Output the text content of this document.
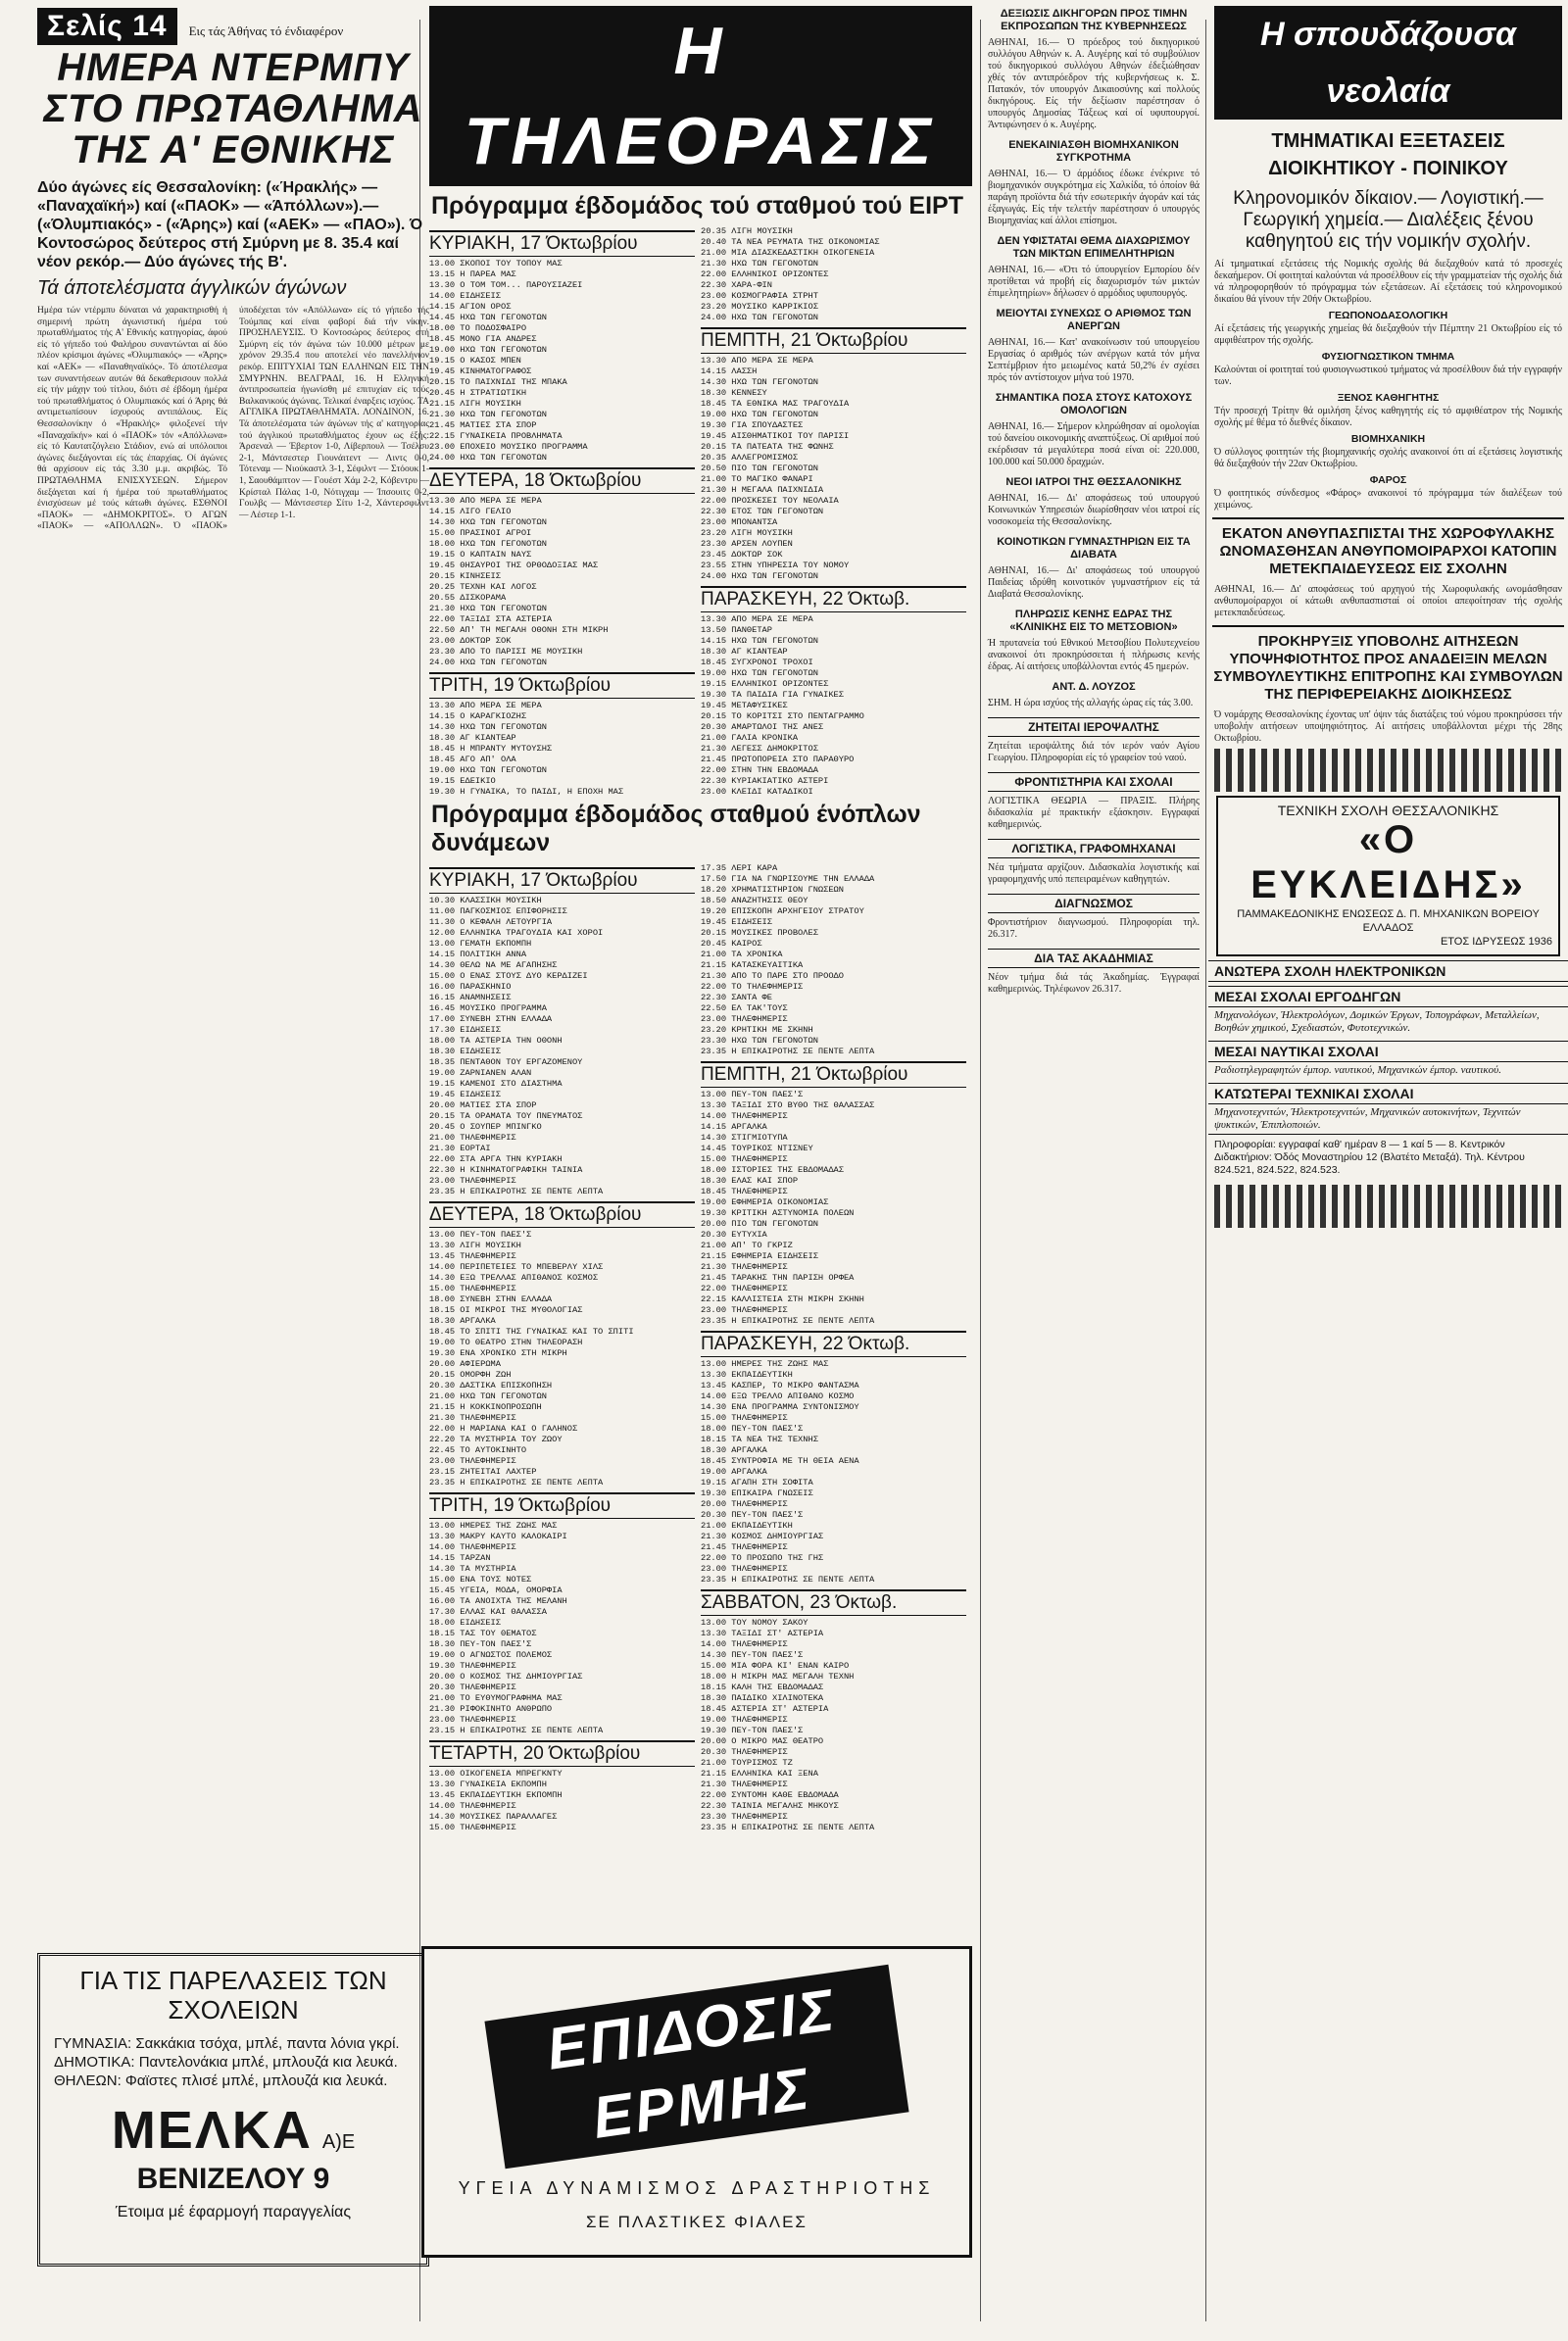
Σελίς 14 Εις τάς Άθήνας τό ένδιαφέρον
ΗΜΕΡΑ ΝΤΕΡΜΠΥ ΣΤΟ ΠΡΩΤΑΘΛΗΜΑ ΤΗΣ Α' ΕΘΝΙΚΗΣ
Δύο άγώνες είς Θεσσαλονίκη: («Ήρακλής» — «Παναχαϊκή») καί («ΠΑΟΚ» — «Άπόλλων»).— («Όλυμπιακός» - («Άρης») καί («ΑΕΚ» — «ΠΑΟ»). Ό Κοντοσώρος δεύτερος στή Σμύρνη με 8. 35.4 καί νέον ρεκόρ.— Δύο άγώνες τής Β'.
Τά άποτελέσματα άγγλικών άγώνων
Ημέρα τών ντέρμπυ δύναται νά χαρακτηρισθή ή σημερινή πρώτη άγωνιστική ήμέρα τού πρωταθλήματος τής Α' Εθνικής κατηγορίας, άφού είς τό γήπεδο τού Φαλήρου συναντώνται αί δύο πλέον κρίσιμοι άγώνες «Όλυμπιακός» — «Άρης» καί «ΑΕΚ» — «Παναθηναϊκός». Τό άποτέλεσμα των συναντήσεων αυτών θά δεκαθερισουν πολλά είς τήν μάχην τού τίτλου, διότι σέ έβδομη ήμέρα τού πρωταθλήματος ό Ολυμπιακός καί ό Άρης θά αντιμετωπίσουν ίσχυρούς αντιπάλους. Είς Θεσσαλονίκην ό «Ήρακλής» φιλοξενεί τήν «Παναχαϊκήν» καί ό «ΠΑΟΚ» τόν «Απόλλωνα» είς τό Καυτατζόγλειο Στάδιον, ενώ αί υπόλοιποι άγώνες διεξάγονται είς τάς έπαρχίας. Οί άγώνες θά αρχίσουν είς τάς 3.30 μ.μ. ακριβώς. Τό ΠΡΩΤΑΘΛΗΜΑ ΕΝΙΣΧΥΣΕΩΝ. Σήμερον διεξάγεται καί ή ήμέρα τού πρωταθλήματος ένισχύσεων μέ τούς κάτωθι άγώνες. ΕΣΘΝΟΙ «ΠΑΟΚ» — «ΔΗΜΟΚΡΙΤΟΣ». Ό ΑΓΩΝ «ΠΑΟΚ» — «ΑΠΟΛΛΩΝ». Ό «ΠΑΟΚ» ύποδέχεται τόν «Απόλλωνα» είς τό γήπεδο τής Τούμπας καί είναι φαβορί διά τήν νίκην. ΠΡΟΣΗΛΕΥΣΙΣ. Ό Κοντοσώρος δεύτερος στή Σμύρνη είς τόν άγώνα τών 10.000 μέτρων με χρόνον 29.35.4 που αποτελεί νέο πανελλήνιον ρεκόρ. ΕΠΙΤΥΧΙΑΙ ΤΩΝ ΕΛΛΗΝΩΝ ΕΙΣ ΤΗΝ ΣΜΥΡΝΗΝ. ΒΕΛΓΡΑΔΙ, 16. Η Ελληνική άντιπροσωπεία ήγωνίσθη μέ επιτυχίαν είς τούς Βαλκανικούς άγώνας. Τελικαί έναρξεις ισχύος. ΤΑ ΑΓΓΛΙΚΑ ΠΡΩΤΑΘΛΗΜΑΤΑ. ΛΟΝΔΙΝΟΝ, 16. Τά άποτελέσματα τών άγώνων τής α' κατηγορίας τού άγγλικού πρωταθλήματος έχουν ως έξής: Άρσεναλ — Έβερτον 1-0, Λίβερπουλ — Τσέλσυ 2-1, Μάντσεστερ Γιουνάιτεντ — Λιντς 0-0, Τότεναμ — Νιούκαστλ 3-1, Σέφιλντ — Στόουκ 1-1, Σαουθάμπτον — Γουέστ Χάμ 2-2, Κόβεντρυ — Κρίσταλ Πάλας 1-0, Νότιγχαμ — Ίπσουιτς 0-2, Γουλβς — Μάντσεστερ Σίτυ 1-2, Χάντερσφιλντ — Λέστερ 1-1.
ΓΙΑ ΤΙΣ ΠΑΡΕΛΑΣΕΙΣ ΤΩΝ ΣΧΟΛΕΙΩΝ
ΓΥΜΝΑΣΙΑ: Σακκάκια τσόχα, μπλέ, παντα λόνια γκρί.
ΔΗΜΟΤΙΚΑ: Παντελονάκια μπλέ, μπλουζά κια λευκά.
ΘΗΛΕΩΝ: Φαϊστες πλισέ μπλέ, μπλουζά κια λευκά.
ΜΕΛΚΑ Α)Ε
ΒΕΝΙΖΕΛΟΥ 9
Έτοιμα μέ έφαρμογή παραγγελίας
Η ΤΗΛΕΟΡΑΣΙΣ
Πρόγραμμα έβδομάδος τού σταθμού τού ΕΙΡΤ
ΚΥΡΙΑΚΗ, 17 Όκτωβρίου
13.00 ΣΚΟΠΟΙ ΤΟΥ ΤΟΠΟΥ ΜΑΣ
13.15 Η ΠΑΡΕΑ ΜΑΣ
13.30 Ο ΤΟΜ ΤΟΜ... ΠΑΡΟΥΣΙΑΖΕΙ
14.00 ΕΙΔΗΣΕΙΣ
14.15 ΑΓΙΟΝ ΟΡΟΣ
14.45 ΗΧΩ ΤΩΝ ΓΕΓΟΝΟΤΩΝ
18.00 ΤΟ ΠΟΔΟΣΦΑΙΡΟ
18.45 ΜΟΝΟ ΓΙΑ ΑΝΔΡΕΣ
19.00 ΗΧΩ ΤΩΝ ΓΕΓΟΝΟΤΩΝ
19.15 Ο ΚΑΣΟΣ ΜΠΕΝ
19.45 ΚΙΝΗΜΑΤΟΓΡΑΦΟΣ
20.15 ΤΟ ΠΑΙΧΝΙΔΙ ΤΗΣ ΜΠΑΚΑ
20.45 Η ΣΤΡΑΤΙΩΤΙΚΗ
21.15 ΛΙΓΗ ΜΟΥΣΙΚΗ
21.30 ΗΧΩ ΤΩΝ ΓΕΓΟΝΟΤΩΝ
21.45 ΜΑΤΙΕΣ ΣΤΑ ΣΠΟΡ
22.15 ΓΥΝΑΙΚΕΙΑ ΠΡΟΒΛΗΜΑΤΑ
23.00 ΕΠΟΧΕΙΟ ΜΟΥΣΙΚΟ ΠΡΟΓΡΑΜΜΑ
24.00 ΗΧΩ ΤΩΝ ΓΕΓΟΝΟΤΩΝ
ΔΕΥΤΕΡΑ, 18 Όκτωβρίου
13.30 ΑΠΟ ΜΕΡΑ ΣΕ ΜΕΡΑ
14.15 ΛΙΓΟ ΓΕΛΙΟ
14.30 ΗΧΩ ΤΩΝ ΓΕΓΟΝΟΤΩΝ
15.00 ΠΡΑΣΙΝΟΙ ΑΓΡΟΙ
18.00 ΗΧΩ ΤΩΝ ΓΕΓΟΝΟΤΩΝ
19.15 Ο ΚΑΠΤΑΙΝ ΝΑΥΣ
19.45 ΘΗΣΑΥΡΟΙ ΤΗΣ ΟΡΘΟΔΟΞΙΑΣ ΜΑΣ
20.15 ΚΙΝΗΣΕΙΣ
20.25 ΤΕΧΝΗ ΚΑΙ ΛΟΓΟΣ
20.55 ΔΙΣΚΟΡΑΜΑ
21.30 ΗΧΩ ΤΩΝ ΓΕΓΟΝΟΤΩΝ
22.00 ΤΑΞΙΔΙ ΣΤΑ ΑΣΤΕΡΙΑ
22.50 ΑΠ' ΤΗ ΜΕΓΑΛΗ ΟΘΟΝΗ ΣΤΗ ΜΙΚΡΗ
23.00 ΔΟΚΤΩΡ ΣΟΚ
23.30 ΑΠΟ ΤΟ ΠΑΡΙΣΙ ΜΕ ΜΟΥΣΙΚΗ
24.00 ΗΧΩ ΤΩΝ ΓΕΓΟΝΟΤΩΝ
ΤΡΙΤΗ, 19 Όκτωβρίου
13.30 ΑΠΟ ΜΕΡΑ ΣΕ ΜΕΡΑ
14.15 Ο ΚΑΡΑΓΚΙΟΖΗΣ
14.30 ΗΧΩ ΤΩΝ ΓΕΓΟΝΟΤΩΝ
18.30 ΑΓ ΚΙΑΝΤΕΑΡ
18.45 Η ΜΠΡΑΝΤΥ ΜΥΤΟΥΣΗΣ
18.45 ΑΓΟ ΑΠ' ΟΛΑ
19.00 ΗΧΩ ΤΩΝ ΓΕΓΟΝΟΤΩΝ
19.15 ΕΔΕΙΚΙΟ
19.30 Η ΓΥΝΑΙΚΑ, ΤΟ ΠΑΙΔΙ, Η ΕΠΟΧΗ ΜΑΣ
20.35 ΛΙΓΗ ΜΟΥΣΙΚΗ
20.40 ΤΑ ΝΕΑ ΡΕΥΜΑΤΑ ΤΗΣ ΟΙΚΟΝΟΜΙΑΣ
21.00 ΜΙΑ ΔΙΑΣΚΕΔΑΣΤΙΚΗ ΟΙΚΟΓΕΝΕΙΑ
21.30 ΗΧΩ ΤΩΝ ΓΕΓΟΝΟΤΩΝ
22.00 ΕΛΛΗΝΙΚΟΙ ΟΡΙΖΟΝΤΕΣ
22.30 ΧΑΡΑ-ΦΙΝ
23.00 ΚΟΣΜΟΓΡΑΦΙΑ ΣΤΡΗΤ
23.20 ΜΟΥΣΙΚΟ ΚΑΡΡΙΚΙΟΣ
24.00 ΗΧΩ ΤΩΝ ΓΕΓΟΝΟΤΩΝ
ΠΕΜΠΤΗ, 21 Όκτωβρίου
13.30 ΑΠΟ ΜΕΡΑ ΣΕ ΜΕΡΑ
14.15 ΛΑΣΣΗ
14.30 ΗΧΩ ΤΩΝ ΓΕΓΟΝΟΤΩΝ
18.30 ΚΕΝΝΕΣΥ
18.45 ΤΑ ΕΘΝΙΚΑ ΜΑΣ ΤΡΑΓΟΥΔΙΑ
19.00 ΗΧΩ ΤΩΝ ΓΕΓΟΝΟΤΩΝ
19.30 ΓΙΑ ΣΠΟΥΔΑΣΤΕΣ
19.45 ΑΙΣΘΗΜΑΤΙΚΟΙ ΤΟΥ ΠΑΡΙΣΙ
20.15 ΤΑ ΠΑΤΕΑΤΑ ΤΗΣ ΦΩΝΗΣ
20.35 ΑΛΛΕΓΡΟΜΙΣΜΟΣ
20.50 ΠΙΟ ΤΩΝ ΓΕΓΟΝΟΤΩΝ
21.00 ΤΟ ΜΑΓΙΚΟ ΦΑΝΑΡΙ
21.30 Η ΜΕΓΑΛΑ ΠΑΙΧΝΙΔΙΑ
22.00 ΠΡΟΣΚΕΣΕΙ ΤΟΥ ΝΕΟΛΑΙΑ
22.30 ΕΤΟΣ ΤΩΝ ΓΕΓΟΝΟΤΩΝ
23.00 ΜΠΟΝΑΝΤΣΑ
23.20 ΛΙΓΗ ΜΟΥΣΙΚΗ
23.30 ΑΡΣΕΝ ΛΟΥΠΕΝ
23.45 ΔΟΚΤΩΡ ΣΟΚ
23.55 ΣΤΗΝ ΥΠΗΡΕΣΙΑ ΤΟΥ ΝΟΜΟΥ
24.00 ΗΧΩ ΤΩΝ ΓΕΓΟΝΟΤΩΝ
ΠΑΡΑΣΚΕΥΗ, 22 Όκτωβ.
13.30 ΑΠΟ ΜΕΡΑ ΣΕ ΜΕΡΑ
13.50 ΠΑΝΘΕΤΑΡ
14.15 ΗΧΩ ΤΩΝ ΓΕΓΟΝΟΤΩΝ
18.30 ΑΓ ΚΙΑΝΤΕΑΡ
18.45 ΣΥΓΧΡΟΝΟΙ ΤΡΟΧΟΙ
19.00 ΗΧΩ ΤΩΝ ΓΕΓΟΝΟΤΩΝ
19.15 ΕΛΛΗΝΙΚΟΙ ΟΡΙΖΟΝΤΕΣ
19.30 ΤΑ ΠΑΙΔΙΑ ΓΙΑ ΓΥΝΑΙΚΕΣ
19.45 ΜΕΤΑΦΥΣΙΚΕΣ
20.15 ΤΟ ΚΟΡΙΤΣΙ ΣΤΟ ΠΕΝΤΑΓΡΑΜΜΟ
20.30 ΑΜΑΡΤΩΛΟΙ ΤΗΣ ΑΝΕΣ
21.00 ΓΑΛΙΑ ΚΡΟΝΙΚΑ
21.30 ΛΕΓΕΣΣ ΔΗΜΟΚΡΙΤΟΣ
21.45 ΠΡΩΤΟΠΟΡΕΙΑ ΣΤΟ ΠΑΡΑΘΥΡΟ
22.00 ΣΤΗΝ ΤΗΝ ΕΒΔΟΜΑΔΑ
22.30 ΚΥΡΙΑΚΙΑΤΙΚΟ ΑΣΤΕΡΙ
23.00 ΚΛΕΙΔΙ ΚΑΤΑΔΙΚΟΙ
Πρόγραμμα έβδομάδος σταθμού ένόπλων δυνάμεων
ΚΥΡΙΑΚΗ, 17 Όκτωβρίου
10.30 ΚΛΑΣΣΙΚΗ ΜΟΥΣΙΚΗ
11.00 ΠΑΓΚΟΣΜΙΟΣ ΕΠΙΦΟΡΗΣΙΣ
11.30 Ο ΚΕΦΑΛΗ ΛΕΤΟΥΡΓΙΑ
12.00 ΕΛΛΗΝΙΚΑ ΤΡΑΓΟΥΔΙΑ ΚΑΙ ΧΟΡΟΙ
13.00 ΓΕΜΑΤΗ ΕΚΠΟΜΠΗ
14.15 ΠΟΛΙΤΙΚΗ ΑΝΝΑ
14.30 ΘΕΛΩ ΝΑ ΜΕ ΑΓΑΠΗΣΗΣ
15.00 Ο ΕΝΑΣ ΣΤΟΥΣ ΔΥΟ ΚΕΡΔΙΖΕΙ
16.00 ΠΑΡΑΣΚΗΝΙΟ
16.15 ΑΝΑΜΝΗΣΕΙΣ
16.45 ΜΟΥΣΙΚΟ ΠΡΟΓΡΑΜΜΑ
17.00 ΣΥΝΕΒΗ ΣΤΗΝ ΕΛΛΑΔΑ
17.30 ΕΙΔΗΣΕΙΣ
18.00 ΤΑ ΑΣΤΕΡΙΑ ΤΗΝ ΟΘΟΝΗ
18.30 ΕΙΔΗΣΕΙΣ
18.35 ΠΕΝΤΑΘΟΝ ΤΟΥ ΕΡΓΑΖΟΜΕΝΟΥ
19.00 ΖΑΡΝΙΑΝΕΝ ΑΛΑΝ
19.15 ΚΑΜΕΝΟΙ ΣΤΟ ΔΙΑΣΤΗΜΑ
19.45 ΕΙΔΗΣΕΙΣ
20.00 ΜΑΤΙΕΣ ΣΤΑ ΣΠΟΡ
20.15 ΤΑ ΟΡΑΜΑΤΑ ΤΟΥ ΠΝΕΥΜΑΤΟΣ
20.45 Ο ΣΟΥΠΕΡ ΜΠΙΝΓΚΟ
21.00 ΤΗΛΕΦΗΜΕΡΙΣ
21.30 ΕΟΡΤΑΙ
22.00 ΣΤΑ ΑΡΓΑ ΤΗΝ ΚΥΡΙΑΚΗ
22.30 Η ΚΙΝΗΜΑΤΟΓΡΑΦΙΚΗ ΤΑΙΝΙΑ
23.00 ΤΗΛΕΦΗΜΕΡΙΣ
23.35 Η ΕΠΙΚΑΙΡΟΤΗΣ ΣΕ ΠΕΝΤΕ ΛΕΠΤΑ
ΔΕΥΤΕΡΑ, 18 Όκτωβρίου
13.00 ΠΕΥ-ΤΟΝ ΠΑΕΣ'Σ
13.30 ΛΙΓΗ ΜΟΥΣΙΚΗ
13.45 ΤΗΛΕΦΗΜΕΡΙΣ
14.00 ΠΕΡΙΠΕΤΕΙΕΣ ΤΟ ΜΠΕΒΕΡΛΥ ΧΙΛΣ
14.30 ΕΞΩ ΤΡΕΛΛΑΣ ΑΠΙΘΑΝΟΣ ΚΟΣΜΟΣ
15.00 ΤΗΛΕΦΗΜΕΡΙΣ
18.00 ΣΥΝΕΒΗ ΣΤΗΝ ΕΛΛΑΔΑ
18.15 ΟΙ ΜΙΚΡΟΙ ΤΗΣ ΜΥΘΟΛΟΓΙΑΣ
18.30 ΑΡΓΑΛΚΑ
18.45 ΤΟ ΣΠΙΤΙ ΤΗΣ ΓΥΝΑΙΚΑΣ ΚΑΙ ΤΟ ΣΠΙΤΙ
19.00 ΤΟ ΘΕΑΤΡΟ ΣΤΗΝ ΤΗΛΕΟΡΑΣΗ
19.30 ΕΝΑ ΧΡΟΝΙΚΟ ΣΤΗ ΜΙΚΡΗ
20.00 ΑΦΙΕΡΩΜΑ
20.15 ΟΜΟΡΦΗ ΖΩΗ
20.30 ΔΑΣΤΙΚΑ ΕΠΙΣΚΟΠΗΣΗ
21.00 ΗΧΩ ΤΩΝ ΓΕΓΟΝΟΤΩΝ
21.15 Η ΚΟΚΚΙΝΟΠΡΟΣΩΠΗ
21.30 ΤΗΛΕΦΗΜΕΡΙΣ
22.00 Η ΜΑΡΙΑΝΑ ΚΑΙ Ο ΓΑΛΗΝΟΣ
22.20 ΤΑ ΜΥΣΤΗΡΙΑ ΤΟΥ ΖΩΟΥ
22.45 ΤΟ ΑΥΤΟΚΙΝΗΤΟ
23.00 ΤΗΛΕΦΗΜΕΡΙΣ
23.15 ΖΗΤΕΙΤΑΙ ΛΑΧΤΕΡ
23.35 Η ΕΠΙΚΑΙΡΟΤΗΣ ΣΕ ΠΕΝΤΕ ΛΕΠΤΑ
ΤΡΙΤΗ, 19 Όκτωβρίου
13.00 ΗΜΕΡΕΣ ΤΗΣ ΖΩΗΣ ΜΑΣ
13.30 ΜΑΚΡΥ ΚΑΥΤΟ ΚΑΛΟΚΑΙΡΙ
14.00 ΤΗΛΕΦΗΜΕΡΙΣ
14.15 ΤΑΡΖΑΝ
14.30 ΤΑ ΜΥΣΤΗΡΙΑ
15.00 ΕΝΑ ΤΟΥΣ ΝΟΤΕΣ
15.45 ΥΓΕΙΑ, ΜΟΔΑ, ΟΜΟΡΦΙΑ
16.00 ΤΑ ΑΝΟΙΧΤΑ ΤΗΣ ΜΕΛΑΝΗ
17.30 ΕΛΛΑΣ ΚΑΙ ΘΑΛΑΣΣΑ
18.00 ΕΙΔΗΣΕΙΣ
18.15 ΤΑΣ ΤΟΥ ΘΕΜΑΤΟΣ
18.30 ΠΕΥ-ΤΟΝ ΠΑΕΣ'Σ
19.00 Ο ΑΓΝΩΣΤΟΣ ΠΟΛΕΜΟΣ
19.30 ΤΗΛΕΦΗΜΕΡΙΣ
20.00 Ο ΚΟΣΜΟΣ ΤΗΣ ΔΗΜΙΟΥΡΓΙΑΣ
20.30 ΤΗΛΕΦΗΜΕΡΙΣ
21.00 ΤΟ ΕΥΘΥΜΟΓΡΑΦΗΜΑ ΜΑΣ
21.30 ΡΙΦΟΚΙΝΗΤΟ ΑΝΘΡΩΠΟ
23.00 ΤΗΛΕΦΗΜΕΡΙΣ
23.15 Η ΕΠΙΚΑΙΡΟΤΗΣ ΣΕ ΠΕΝΤΕ ΛΕΠΤΑ
ΤΕΤΑΡΤΗ, 20 Όκτωβρίου
13.00 ΟΙΚΟΓΕΝΕΙΑ ΜΠΡΕΓΚΝΤΥ
13.30 ΓΥΝΑΙΚΕΙΑ ΕΚΠΟΜΠΗ
13.45 ΕΚΠΑΙΔΕΥΤΙΚΗ ΕΚΠΟΜΠΗ
14.00 ΤΗΛΕΦΗΜΕΡΙΣ
14.30 ΜΟΥΣΙΚΕΣ ΠΑΡΑΛΛΑΓΕΣ
15.00 ΤΗΛΕΦΗΜΕΡΙΣ
17.35 ΛΕΡΙ ΚΑΡΑ
17.50 ΓΙΑ ΝΑ ΓΝΩΡΙΣΟΥΜΕ ΤΗΝ ΕΛΛΑΔΑ
18.20 ΧΡΗΜΑΤΙΣΤΗΡΙΟΝ ΓΝΩΣΕΩΝ
18.50 ΑΝΑΖΗΤΗΣΙΣ ΘΕΟΥ
19.20 ΕΠΙΣΚΟΠΗ ΑΡΧΗΓΕΙΟΥ ΣΤΡΑΤΟΥ
19.45 ΕΙΔΗΣΕΙΣ
20.15 ΜΟΥΣΙΚΕΣ ΠΡΟΒΟΛΕΣ
20.45 ΚΑΙΡΟΣ
21.00 ΤΑ ΧΡΟΝΙΚΑ
21.15 ΚΑΤΑΣΚΕΥΑΙΤΙΚΑ
21.30 ΑΠΟ ΤΟ ΠΑΡΕ ΣΤΟ ΠΡΟΟΔΟ
22.00 ΤΟ ΤΗΛΕΦΗΜΕΡΙΣ
22.30 ΣΑΝΤΑ ΦΕ
22.50 ΕΛ ΤΑΚ'ΤΟΥΣ
23.00 ΤΗΛΕΦΗΜΕΡΙΣ
23.20 ΚΡΗΤΙΚΗ ΜΕ ΣΚΗΝΗ
23.30 ΗΧΩ ΤΩΝ ΓΕΓΟΝΟΤΩΝ
23.35 Η ΕΠΙΚΑΙΡΟΤΗΣ ΣΕ ΠΕΝΤΕ ΛΕΠΤΑ
ΠΕΜΠΤΗ, 21 Όκτωβρίου
13.00 ΠΕΥ-ΤΟΝ ΠΑΕΣ'Σ
13.30 ΤΑΞΙΔΙ ΣΤΟ ΒΥΘΟ ΤΗΣ ΘΑΛΑΣΣΑΣ
14.00 ΤΗΛΕΦΗΜΕΡΙΣ
14.15 ΑΡΓΑΛΚΑ
14.30 ΣΤΙΓΜΙΟΤΥΠΑ
14.45 ΤΟΥΡΙΚΟΣ ΝΤΙΣΝΕΥ
15.00 ΤΗΛΕΦΗΜΕΡΙΣ
18.00 ΙΣΤΟΡΙΕΣ ΤΗΣ ΕΒΔΟΜΑΔΑΣ
18.30 ΕΛΑΣ ΚΑΙ ΣΠΟΡ
18.45 ΤΗΛΕΦΗΜΕΡΙΣ
19.00 ΕΦΗΜΕΡΙΑ ΟΙΚΟΝΟΜΙΑΣ
19.30 ΚΡΙΤΙΚΗ ΑΣΤΥΝΟΜΙΑ ΠΟΛΕΩΝ
20.00 ΠΙΟ ΤΩΝ ΓΕΓΟΝΟΤΩΝ
20.30 ΕΥΤΥΧΙΑ
21.00 ΑΠ' ΤΟ ΓΚΡΙΖ
21.15 ΕΦΗΜΕΡΙΑ ΕΙΔΗΣΕΙΣ
21.30 ΤΗΛΕΦΗΜΕΡΙΣ
21.45 ΤΑΡΑΚΗΣ ΤΗΝ ΠΑΡΙΣΗ ΟΡΦΕΑ
22.00 ΤΗΛΕΦΗΜΕΡΙΣ
22.15 ΚΑΛΛΙΣΤΕΙΑ ΣΤΗ ΜΙΚΡΗ ΣΚΗΝΗ
23.00 ΤΗΛΕΦΗΜΕΡΙΣ
23.35 Η ΕΠΙΚΑΙΡΟΤΗΣ ΣΕ ΠΕΝΤΕ ΛΕΠΤΑ
ΠΑΡΑΣΚΕΥΗ, 22 Όκτωβ.
13.00 ΗΜΕΡΕΣ ΤΗΣ ΖΩΗΣ ΜΑΣ
13.30 ΕΚΠΑΙΔΕΥΤΙΚΗ
13.45 ΚΑΣΠΕΡ, ΤΟ ΜΙΚΡΟ ΦΑΝΤΑΣΜΑ
14.00 ΕΞΩ ΤΡΕΛΛΟ ΑΠΙΘΑΝΟ ΚΟΣΜΟ
14.30 ΕΝΑ ΠΡΟΓΡΑΜΜΑ ΣΥΝΤΟΝΙΣΜΟΥ
15.00 ΤΗΛΕΦΗΜΕΡΙΣ
18.00 ΠΕΥ-ΤΟΝ ΠΑΕΣ'Σ
18.15 ΤΑ ΝΕΑ ΤΗΣ ΤΕΧΝΗΣ
18.30 ΑΡΓΑΛΚΑ
18.45 ΣΥΝΤΡΟΦΙΑ ΜΕ ΤΗ ΘΕΙΑ ΑΕΝΑ
19.00 ΑΡΓΑΛΚΑ
19.15 ΑΓΑΠΗ ΣΤΗ ΣΟΦΙΤΑ
19.30 ΕΠΙΚΑΙΡΑ ΓΝΩΣΕΙΣ
20.00 ΤΗΛΕΦΗΜΕΡΙΣ
20.30 ΠΕΥ-ΤΟΝ ΠΑΕΣ'Σ
21.00 ΕΚΠΑΙΔΕΥΤΙΚΗ
21.30 ΚΟΣΜΟΣ ΔΗΜΙΟΥΡΓΙΑΣ
21.45 ΤΗΛΕΦΗΜΕΡΙΣ
22.00 ΤΟ ΠΡΟΣΩΠΟ ΤΗΣ ΓΗΣ
23.00 ΤΗΛΕΦΗΜΕΡΙΣ
23.35 Η ΕΠΙΚΑΙΡΟΤΗΣ ΣΕ ΠΕΝΤΕ ΛΕΠΤΑ
ΣΑΒΒΑΤΟΝ, 23 Όκτωβ.
13.00 ΤΟΥ ΝΟΜΟΥ ΣΑΚΟΥ
13.30 ΤΑΞΙΔΙ ΣΤ' ΑΣΤΕΡΙΑ
14.00 ΤΗΛΕΦΗΜΕΡΙΣ
14.30 ΠΕΥ-ΤΟΝ ΠΑΕΣ'Σ
15.00 ΜΙΑ ΦΟΡΑ ΚΙ' ΕΝΑΝ ΚΑΙΡΟ
18.00 Η ΜΙΚΡΗ ΜΑΣ ΜΕΓΑΛΗ ΤΕΧΝΗ
18.15 ΚΑΛΗ ΤΗΣ ΕΒΔΟΜΑΔΑΣ
18.30 ΠΑΙΔΙΚΟ ΧΙΛΙΝΟΤΕΚΑ
18.45 ΑΣΤΕΡΙΑ ΣΤ' ΑΣΤΕΡΙΑ
19.00 ΤΗΛΕΦΗΜΕΡΙΣ
19.30 ΠΕΥ-ΤΟΝ ΠΑΕΣ'Σ
20.00 Ο ΜΙΚΡΟ ΜΑΣ ΘΕΑΤΡΟ
20.30 ΤΗΛΕΦΗΜΕΡΙΣ
21.00 ΤΟΥΡΙΣΜΟΣ ΤΖ
21.15 ΕΛΛΗΝΙΚΑ ΚΑΙ ΞΕΝΑ
21.30 ΤΗΛΕΦΗΜΕΡΙΣ
22.00 ΣΥΝΤΟΜΗ ΚΑΘΕ ΕΒΔΟΜΑΔΑ
22.30 ΤΑΙΝΙΑ ΜΕΓΑΛΗΣ ΜΗΚΟΥΣ
23.30 ΤΗΛΕΦΗΜΕΡΙΣ
23.35 Η ΕΠΙΚΑΙΡΟΤΗΣ ΣΕ ΠΕΝΤΕ ΛΕΠΤΑ
ΕΠΙΔΟΣΙΣ ΕΡΜΗΣ
ΥΓΕΙΑ ΔΥΝΑΜΙΣΜΟΣ ΔΡΑΣΤΗΡΙΟΤΗΣ
ΣΕ ΠΛΑΣΤΙΚΕΣ ΦΙΑΛΕΣ
ΔΕΞΙΩΣΙΣ ΔΙΚΗΓΟΡΩΝ ΠΡΟΣ ΤΙΜΗΝ ΕΚΠΡΟΣΩΠΩΝ ΤΗΣ ΚΥΒΕΡΝΗΣΕΩΣ
ΑΘΗΝΑΙ, 16.— Ό πρόεδρος τού δικηγορικού συλλόγου Αθηνών κ. Α. Αυγέρης καί τό συμβούλιον τού δικηγορικού συλλόγου Αθηνών έδεξιώθησαν χθές τόν αντιπρόεδρον τής κυβερνήσεως κ. Σ. Πατακόν, τόν υπουργόν Δικαιοσύνης καί πολλούς δικηγόρους. Είς τήν δεξίωσιν παρέστησαν ό υπουργός Δημοσίας Τάξεως καί οί υφυπουργοί. Άντιφώνησεν ό κ. Αυγέρης.
ΕΝΕΚΑΙΝΙΑΣΘΗ ΒΙΟΜΗΧΑΝΙΚΟΝ ΣΥΓΚΡΟΤΗΜΑ
ΑΘΗΝΑΙ, 16.— Ό άρμόδιος έδωκε ένέκρινε τό βιομηχανικόν συγκρότημα είς Χαλκίδα, τό όποίον θά παράγη προϊόντα διά τήν εσωτερικήν άγοράν καί τάς έξαγωγάς. Είς τήν τελετήν παρέστησαν ό υπουργός Βιομηχανίας καί άλλοι επίσημοι.
ΔΕΝ ΥΦΙΣΤΑΤΑΙ ΘΕΜΑ ΔΙΑΧΩΡΙΣΜΟΥ ΤΩΝ ΜΙΚΤΩΝ ΕΠΙΜΕΛΗΤΗΡΙΩΝ
ΑΘΗΝΑΙ, 16.— «Ότι τό ύπουργείον Εμπορίου δέν προτίθεται νά προβή είς διαχωρισμόν τών μικτών έπιμελητηρίων» δήλωσεν ό αρμόδιος υφυπουργός.
ΜΕΙΟΥΤΑΙ ΣΥΝΕΧΩΣ Ο ΑΡΙΘΜΟΣ ΤΩΝ ΑΝΕΡΓΩΝ
ΑΘΗΝΑΙ, 16.— Κατ' ανακοίνωσιν τού υπουργείου Εργασίας ό αριθμός τών ανέργων κατά τόν μήνα Σεπτέμβριον ήτο μειωμένος κατά 50,2% έν σχέσει πρός τόν αντίστοιχον μήνα τού 1970.
ΣΗΜΑΝΤΙΚΑ ΠΟΣΑ ΣΤΟΥΣ ΚΑΤΟΧΟΥΣ ΟΜΟΛΟΓΙΩΝ
ΑΘΗΝΑΙ, 16.— Σήμερον κληρώθησαν αί ομολογίαι τού δανείου οικονομικής αναπτύξεως. Οί αριθμοί πού εκέρδισαν τά μεγαλύτερα ποσά είναι οί: 220.000, 100.000 καί 50.000 δραχμών.
ΝΕΟΙ ΙΑΤΡΟΙ ΤΗΣ ΘΕΣΣΑΛΟΝΙΚΗΣ
ΑΘΗΝΑΙ, 16.— Δι' αποφάσεως τού υπουργού Κοινωνικών Υπηρεσιών διωρίσθησαν νέοι ιατροί είς νοσοκομεία τής Θεσσαλονίκης.
ΚΟΙΝΟΤΙΚΩΝ ΓΥΜΝΑΣΤΗΡΙΩΝ ΕΙΣ ΤΑ ΔΙΑΒΑΤΑ
ΑΘΗΝΑΙ, 16.— Δι' αποφάσεως τού υπουργού Παιδείας ιδρύθη κοινοτικόν γυμναστήριον είς τά Διαβατά Θεσσαλονίκης.
ΠΛΗΡΩΣΙΣ ΚΕΝΗΣ ΕΔΡΑΣ ΤΗΣ «ΚΛΙΝΙΚΗΣ ΕΙΣ ΤΟ ΜΕΤΣΟΒΙΟΝ»
Ή πρυτανεία τού Εθνικού Μετσοβίου Πολυτεχνείου ανακοινοί ότι προκηρύσσεται ή πλήρωσις κενής έδρας. Αί αιτήσεις υποβάλλονται εντός 45 ημερών.
ΑΝΤ. Δ. ΛΟΥΖΟΣ
ΣΗΜ. Η ώρα ισχύος τής αλλαγής ώρας είς τάς 3.00.
ΖΗΤΕΙΤΑΙ ΙΕΡΟΨΑΛΤΗΣ
Ζητείται ιεροψάλτης διά τόν ιερόν ναόν Αγίου Γεωργίου. Πληροφορίαι είς τό γραφείον τού ναού.
ΦΡΟΝΤΙΣΤΗΡΙΑ ΚΑΙ ΣΧΟΛΑΙ
ΛΟΓΙΣΤΙΚΑ ΘΕΩΡΙΑ — ΠΡΑΞΙΣ. Πλήρης διδασκαλία μέ πρακτικήν εξάσκησιν. Εγγραφαί καθημερινώς.
ΛΟΓΙΣΤΙΚΑ, ΓΡΑΦΟΜΗΧΑΝΑΙ
Νέα τμήματα αρχίζουν. Διδασκαλία λογιστικής καί γραφομηχανής υπό πεπειραμένων καθηγητών.
ΔΙΑΓΝΩΣΜΟΣ
Φροντιστήριον διαγνωσμού. Πληροφορίαι τηλ. 26.317.
ΔΙΑ ΤΑΣ ΑΚΑΔΗΜΙΑΣ
Νέον τμήμα διά τάς Άκαδημίας. Έγγραφαί καθημερινώς. Τηλέφωνον 26.317.
Η σπουδάζουσα νεολαία
ΤΜΗΜΑΤΙΚΑΙ ΕΞΕΤΑΣΕΙΣ
ΔΙΟΙΚΗΤΙΚΟΥ - ΠΟΙΝΙΚΟΥ
Κληρονομικόν δίκαιον.— Λογιστική.— Γεωργική χημεία.— Διαλέξεις ξένου καθηγητού εις τήν νομικήν σχολήν.
Αί τμηματικαί εξετάσεις τής Νομικής σχολής θά διεξαχθούν κατά τό προσεχές δεκαήμερον. Οί φοιτηταί καλούνται νά προσέλθουν είς τήν γραμματείαν τής σχολής διά νά πληροφορηθούν τό πρόγραμμα τών εξετάσεων. Αί εξετάσεις τού κληρονομικού δικαίου θά γίνουν τήν 20ήν Οκτωβρίου.
ΓΕΩΠΟΝΟΔΑΣΟΛΟΓΙΚΗ
Αί εξετάσεις τής γεωργικής χημείας θά διεξαχθούν τήν Πέμπτην 21 Οκτωβρίου είς τό αμφιθέατρον τής σχολής.
ΦΥΣΙΟΓΝΩΣΤΙΚΟΝ ΤΜΗΜΑ
Καλούνται οί φοιτηταί τού φυσιογνωστικού τμήματος νά προσέλθουν διά τήν εγγραφήν των.
ΞΕΝΟΣ ΚΑΘΗΓΗΤΗΣ
Τήν προσεχή Τρίτην θά ομιλήση ξένος καθηγητής είς τό αμφιθέατρον τής Νομικής σχολής μέ θέμα τό διεθνές δίκαιον.
ΒΙΟΜΗΧΑΝΙΚΗ
Ό σύλλογος φοιτητών τής βιομηχανικής σχολής ανακοινοί ότι αί εξετάσεις λογιστικής θά διεξαχθούν τήν 22αν Οκτωβρίου.
ΦΑΡΟΣ
Ό φοιτητικός σύνδεσμος «Φάρος» ανακοινοί τό πρόγραμμα τών διαλέξεων τού χειμώνος.
ΕΚΑΤΟΝ ΑΝΘΥΠΑΣΠΙΣΤΑΙ ΤΗΣ ΧΩΡΟΦΥΛΑΚΗΣ ΩΝΟΜΑΣΘΗΣΑΝ ΑΝΘΥΠΟΜΟΙΡΑΡΧΟΙ ΚΑΤΟΠΙΝ ΜΕΤΕΚΠΑΙΔΕΥΣΕΩΣ ΕΙΣ ΣΧΟΛΗΝ
ΑΘΗΝΑΙ, 16.— Δι' αποφάσεως τού αρχηγού τής Χωροφυλακής ωνομάσθησαν ανθυπομοίραρχοι οί κάτωθι ανθυπασπισταί οί οποίοι απεφοίτησαν τής σχολής μετεκπαιδεύσεως.
ΠΡΟΚΗΡΥΞΙΣ ΥΠΟΒΟΛΗΣ ΑΙΤΗΣΕΩΝ ΥΠΟΨΗΦΙΟΤΗΤΟΣ ΠΡΟΣ ΑΝΑΔΕΙΞΙΝ ΜΕΛΩΝ ΣΥΜΒΟΥΛΕΥΤΙΚΗΣ ΕΠΙΤΡΟΠΗΣ ΚΑΙ ΣΥΜΒΟΥΛΩΝ ΤΗΣ ΠΕΡΙΦΕΡΕΙΑΚΗΣ ΔΙΟΙΚΗΣΕΩΣ
Ό νομάρχης Θεσσαλονίκης έχοντας υπ' όψιν τάς διατάξεις τού νόμου προκηρύσσει τήν υποβολήν αιτήσεων υποψηφιότητος. Αί αιτήσεις υποβάλλονται μέχρι τής 28ης Οκτωβρίου.
ΤΕΧΝΙΚΗ ΣΧΟΛΗ ΘΕΣΣΑΛΟΝΙΚΗΣ
«Ο ΕΥΚΛΕΙΔΗΣ»
ΠΑΜΜΑΚΕΔΟΝΙΚΗΣ ΕΝΩΣΕΩΣ Δ. Π. ΜΗΧΑΝΙΚΩΝ ΒΟΡΕΙΟΥ ΕΛΛΑΔΟΣ
ΕΤΟΣ ΙΔΡΥΣΕΩΣ 1936
ΑΝΩΤΕΡΑ ΣΧΟΛΗ ΗΛΕΚΤΡΟΝΙΚΩΝ
ΜΕΣΑΙ ΣΧΟΛΑΙ ΕΡΓΟΔΗΓΩΝ
Μηχανολόγων, Ήλεκτρολόγων, Δομικών Έργων, Τοπογράφων, Μεταλλείων, Βοηθών χημικού, Σχεδιαστών, Φυτοτεχνικών.
ΜΕΣΑΙ ΝΑΥΤΙΚΑΙ ΣΧΟΛΑΙ
Ραδιοτηλεγραφητών έμπορ. ναυτικού, Μηχανικών έμπορ. ναυτικού.
ΚΑΤΩΤΕΡΑΙ ΤΕΧΝΙΚΑΙ ΣΧΟΛΑΙ
Μηχανοτεχνιτών, Ήλεκτροτεχνιτών, Μηχανικών αυτοκινήτων, Τεχνιτών ψυκτικών, Έπιπλοποιών.
Πληροφορίαι: εγγραφαί καθ' ημέραν 8 — 1 καί 5 — 8. Κεντρικόν Διδακτήριον: Όδός Μοναστηρίου 12 (Βλατέτο Μεταξά). Τηλ. Κέντρου 824.521, 824.522, 824.523.
